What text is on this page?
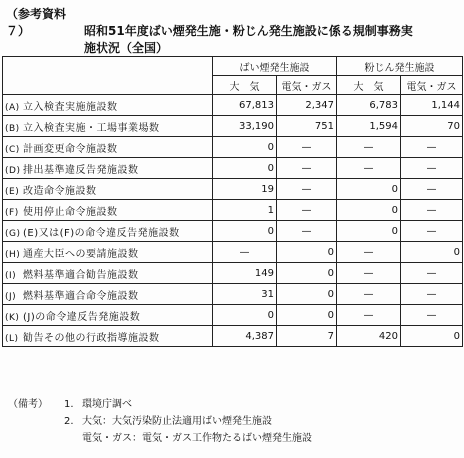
（参考資料７）	昭和51年度ばい煙発生施・粉じん発生施設に係る規制事務実
施状況（全国）
	ばい煙発生施設		粉じん発生施設	
	大　気	電気・ガス	大　気	電気・ガス
(A) 立入検査実施施設数	67,813	2,347	6,783	1,144
(B) 立入検査実施・工場事業場数	33,190	751	1,594	70
(C) 計画変更命令施設数	0	—	—	—
(D) 排出基準違反告発施設数	0	—	—	—
(E) 改造命令施設数	19	—	0	—
(F) 使用停止命令施設数	1	—	0	—
(G) (E)又は(F)の命令違反告発施設数	0	—	0	—
(H) 通産大臣への要請施設数	—	0	—	0
(I) 燃料基準適合勧告施設数	149	0	—	—
(J) 燃料基準適合命令施設数	31	0	—	—
(K) (J)の命令違反告発施設数	0	0	—	—
(L) 勧告その他の行政指導施設数	4,387	7	420	0
（備考）	1. 環境庁調べ
2. 大気：大気汚染防止法適用ばい煙発生施設
電気・ガス：電気・ガス工作物たるばい煙発生施設
